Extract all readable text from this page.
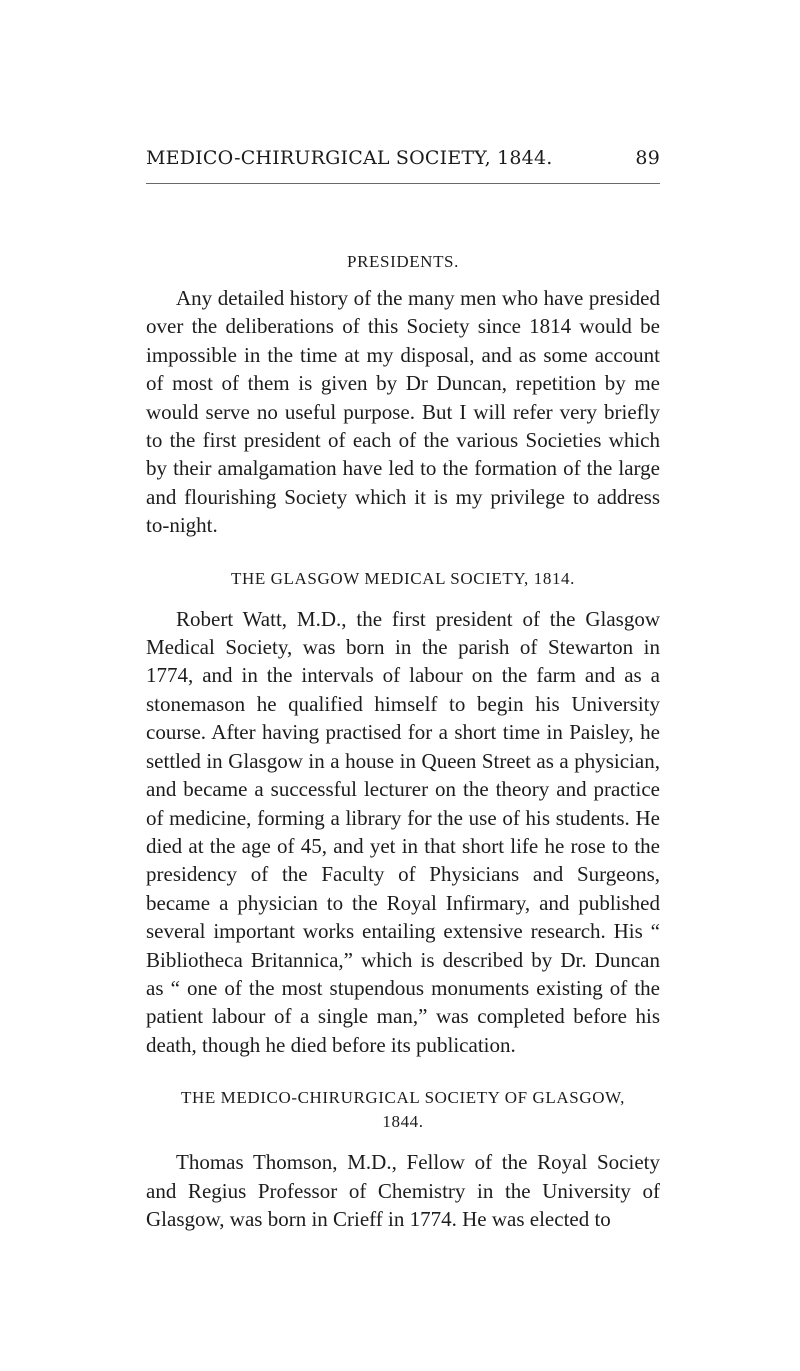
MEDICO-CHIRURGICAL SOCIETY, 1844.	89
PRESIDENTS.

Any detailed history of the many men who have presided over the deliberations of this Society since 1814 would be impossible in the time at my disposal, and as some account of most of them is given by Dr Duncan, repetition by me would serve no useful purpose. But I will refer very briefly to the first president of each of the various Societies which by their amalgamation have led to the formation of the large and flourishing Society which it is my privilege to address to-night.

THE GLASGOW MEDICAL SOCIETY, 1814.

Robert Watt, M.D., the first president of the Glasgow Medical Society, was born in the parish of Stewarton in 1774, and in the intervals of labour on the farm and as a stonemason he qualified himself to begin his University course. After having practised for a short time in Paisley, he settled in Glasgow in a house in Queen Street as a physician, and became a successful lecturer on the theory and practice of medicine, forming a library for the use of his students. He died at the age of 45, and yet in that short life he rose to the presidency of the Faculty of Physicians and Surgeons, became a physician to the Royal Infirmary, and published several important works entailing extensive research. His “ Bibliotheca Britannica,” which is described by Dr. Duncan as “ one of the most stupendous monuments existing of the patient labour of a single man,” was completed before his death, though he died before its publication.

THE MEDICO-CHIRURGICAL SOCIETY OF GLASGOW,
1844.

Thomas Thomson, M.D., Fellow of the Royal Society and Regius Professor of Chemistry in the University of Glasgow, was born in Crieff in 1774. He was elected to
